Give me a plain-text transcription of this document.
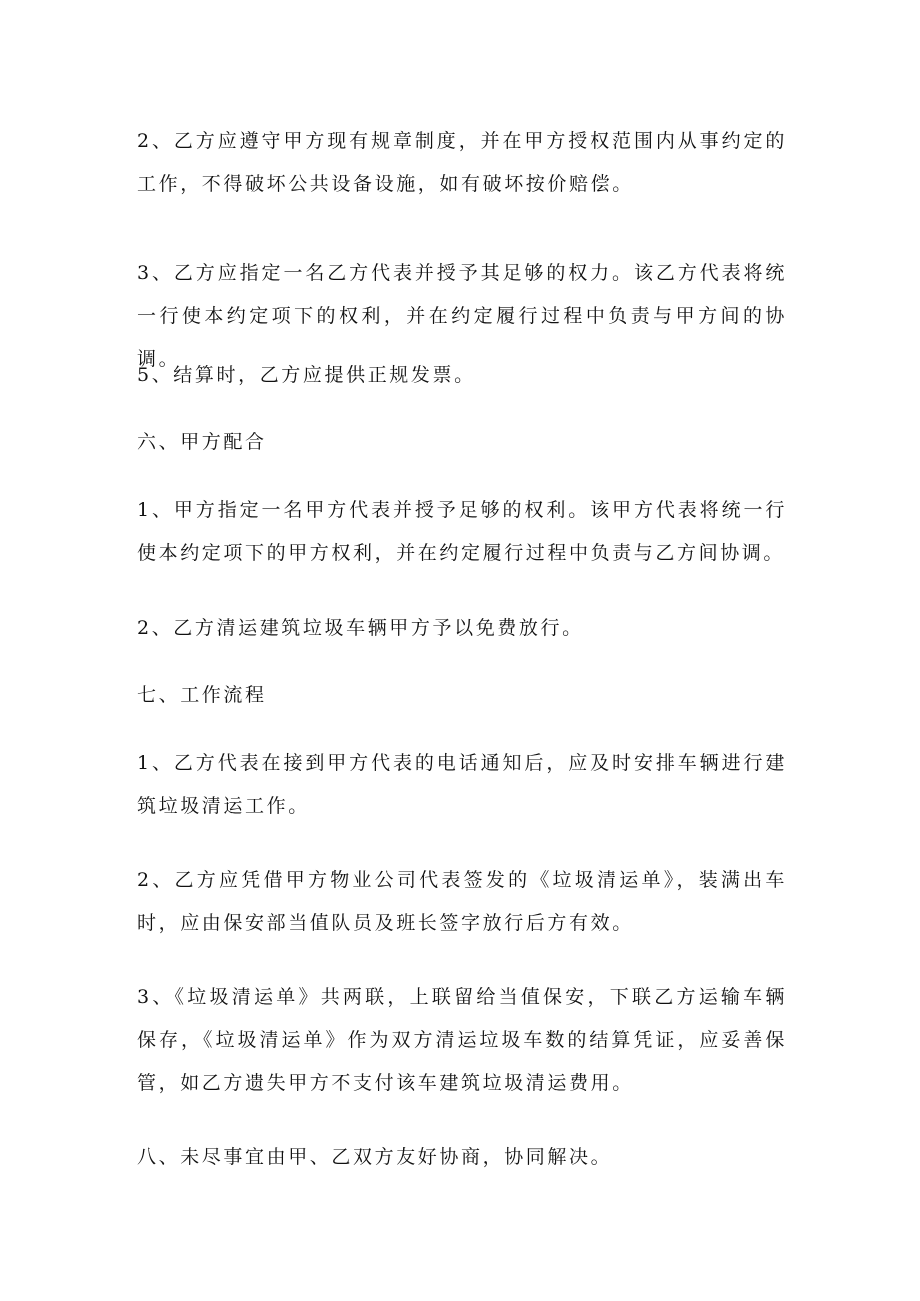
2、乙方应遵守甲方现有规章制度，并在甲方授权范围内从事约定的工作，不得破坏公共设备设施，如有破坏按价赔偿。

3、乙方应指定一名乙方代表并授予其足够的权力。该乙方代表将统一行使本约定项下的权利，并在约定履行过程中负责与甲方间的协调。

5、结算时，乙方应提供正规发票。

六、甲方配合

1、甲方指定一名甲方代表并授予足够的权利。该甲方代表将统一行使本约定项下的甲方权利，并在约定履行过程中负责与乙方间协调。

2、乙方清运建筑垃圾车辆甲方予以免费放行。

七、工作流程

1、乙方代表在接到甲方代表的电话通知后，应及时安排车辆进行建筑垃圾清运工作。

2、乙方应凭借甲方物业公司代表签发的《垃圾清运单》，装满出车时，应由保安部当值队员及班长签字放行后方有效。

3、《垃圾清运单》共两联，上联留给当值保安，下联乙方运输车辆保存，《垃圾清运单》作为双方清运垃圾车数的结算凭证，应妥善保管，如乙方遗失甲方不支付该车建筑垃圾清运费用。

八、未尽事宜由甲、乙双方友好协商，协同解决。
